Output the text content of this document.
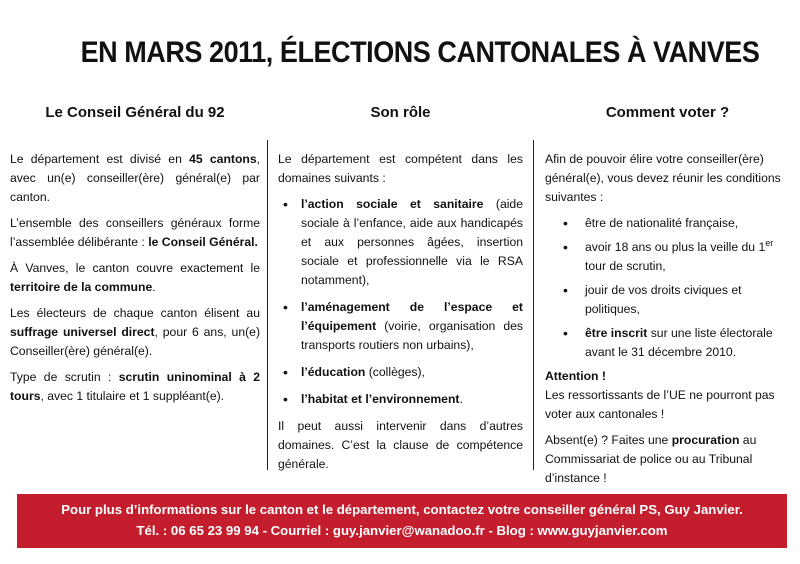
EN MARS 2011, ÉLECTIONS CANTONALES À VANVES
Le Conseil Général du 92	Son rôle	Comment voter ?

Le département est divisé en 45 cantons, avec un(e) conseiller(ère) général(e) par canton.

L’ensemble des conseillers généraux forme l’assemblée délibérante : le Conseil Général.

À Vanves, le canton couvre exactement le territoire de la commune.

Les électeurs de chaque canton élisent au suffrage universel direct, pour 6 ans, un(e) Conseiller(ère) général(e).

Type de scrutin : scrutin uninominal à 2 tours, avec 1 titulaire et 1 suppléant(e).

Le département est compétent dans les domaines suivants :

• l’action sociale et sanitaire (aide sociale à l’enfance, aide aux handicapés et aux personnes âgées, insertion sociale et professionnelle via le RSA notamment),
• l’aménagement de l’espace et l’équipement (voirie, organisation des transports routiers non urbains),
• l’éducation (collèges),
• l’habitat et l’environnement.

Il peut aussi intervenir dans d’autres domaines. C’est la clause de compétence générale.

Afin de pouvoir élire votre conseiller(ère) général(e), vous devez réunir les conditions suivantes :

• être de nationalité française,
• avoir 18 ans ou plus la veille du 1er tour de scrutin,
• jouir de vos droits civiques et politiques,
• être inscrit sur une liste électorale avant le 31 décembre 2010.

Attention !

Les ressortissants de l’UE ne pourront pas voter aux cantonales !

Absent(e) ? Faites une procuration au Commissariat de police ou au Tribunal d’instance !

Pour plus d’informations sur le canton et le département, contactez votre conseiller général PS, Guy Janvier.
Tél. : 06 65 23 99 94 - Courriel : guy.janvier@wanadoo.fr - Blog : www.guyjanvier.com
